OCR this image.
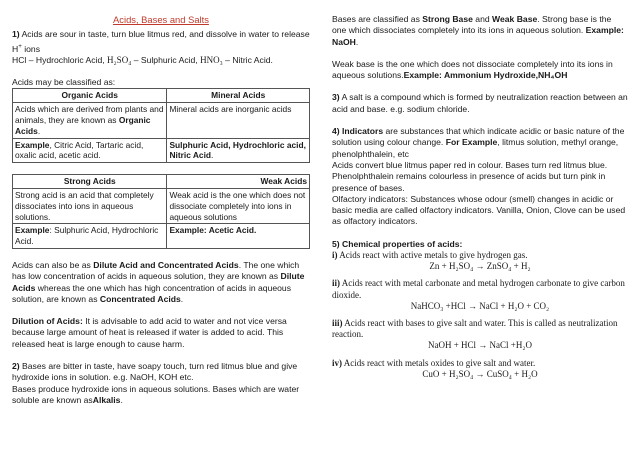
Acids, Bases and Salts

1) Acids are sour in taste, turn blue litmus red, and dissolve in water to release H+ ions

HCl – Hydrochloric Acid, H₂SO₄ – Sulphuric Acid, HNO₃ – Nitric Acid.

Acids may be classified as:

Organic Acids	Mineral Acids
Acids which are derived from plants and animals, they are known as Organic Acids.	Mineral acids are inorganic acids
Example, Citric Acid, Tartaric acid, oxalic acid, acetic acid.	Sulphuric Acid, Hydrochloric acid, Nitric Acid.
Strong Acids	Weak Acids
Strong acid is an acid that completely dissociates into ions in aqueous solutions.	Weak acid is the one which does not dissociate completely into ions in aqueous solutions
Example: Sulphuric Acid, Hydrochloric Acid.	Example: Acetic Acid.

Acids can also be as Dilute Acid and Concentrated Acids. The one which has low concentration of acids in aqueous solution, they are known as Dilute Acids whereas the one which has high concentration of acids in aqueous solution, are known as Concentrated Acids.

Dilution of Acids: It is advisable to add acid to water and not vice versa because large amount of heat is released if water is added to acid. This released heat is large enough to cause harm.

2) Bases are bitter in taste, have soapy touch, turn red litmus blue and give hydroxide ions in solution. e.g. NaOH, KOH etc.

Bases produce hydroxide ions in aqueous solutions. Bases which are water soluble are known asAlkalis.

Bases are classified as Strong Base and Weak Base. Strong base is the one which dissociates completely into its ions in aqueous solution. Example: NaOH.

Weak base is the one which does not dissociate completely into its ions in aqueous solutions.Example: Ammonium Hydroxide,NH₄OH

3) A salt is a compound which is formed by neutralization reaction between an acid and base. e.g. sodium chloride.

4) Indicators are substances that which indicate acidic or basic nature of the solution using colour change. For Example, litmus solution, methyl orange, phenolphthalein, etc

Acids convert blue litmus paper red in colour. Bases turn red litmus blue.

Phenolphthalein remains colourless in presence of acids but turn pink in presence of bases.

Olfactory indicators: Substances whose odour (smell) changes in acidic or basic media are called olfactory indicators. Vanilla, Onion, Clove can be used as olfactory indicators.

5) Chemical properties of acids:

i) Acids react with active metals to give hydrogen gas.

Zn + H₂SO₄ → ZnSO₄ + H₂

ii) Acids react with metal carbonate and metal hydrogen carbonate to give carbon dioxide.

NaHCO₃ +HCl → NaCl + H₂O + CO₂

iii) Acids react with bases to give salt and water. This is called as neutralization reaction.

NaOH + HCl → NaCl +H₂O

iv) Acids react with metals oxides to give salt and water.

CuO + H₂SO₄ → CuSO₄ + H₂O
